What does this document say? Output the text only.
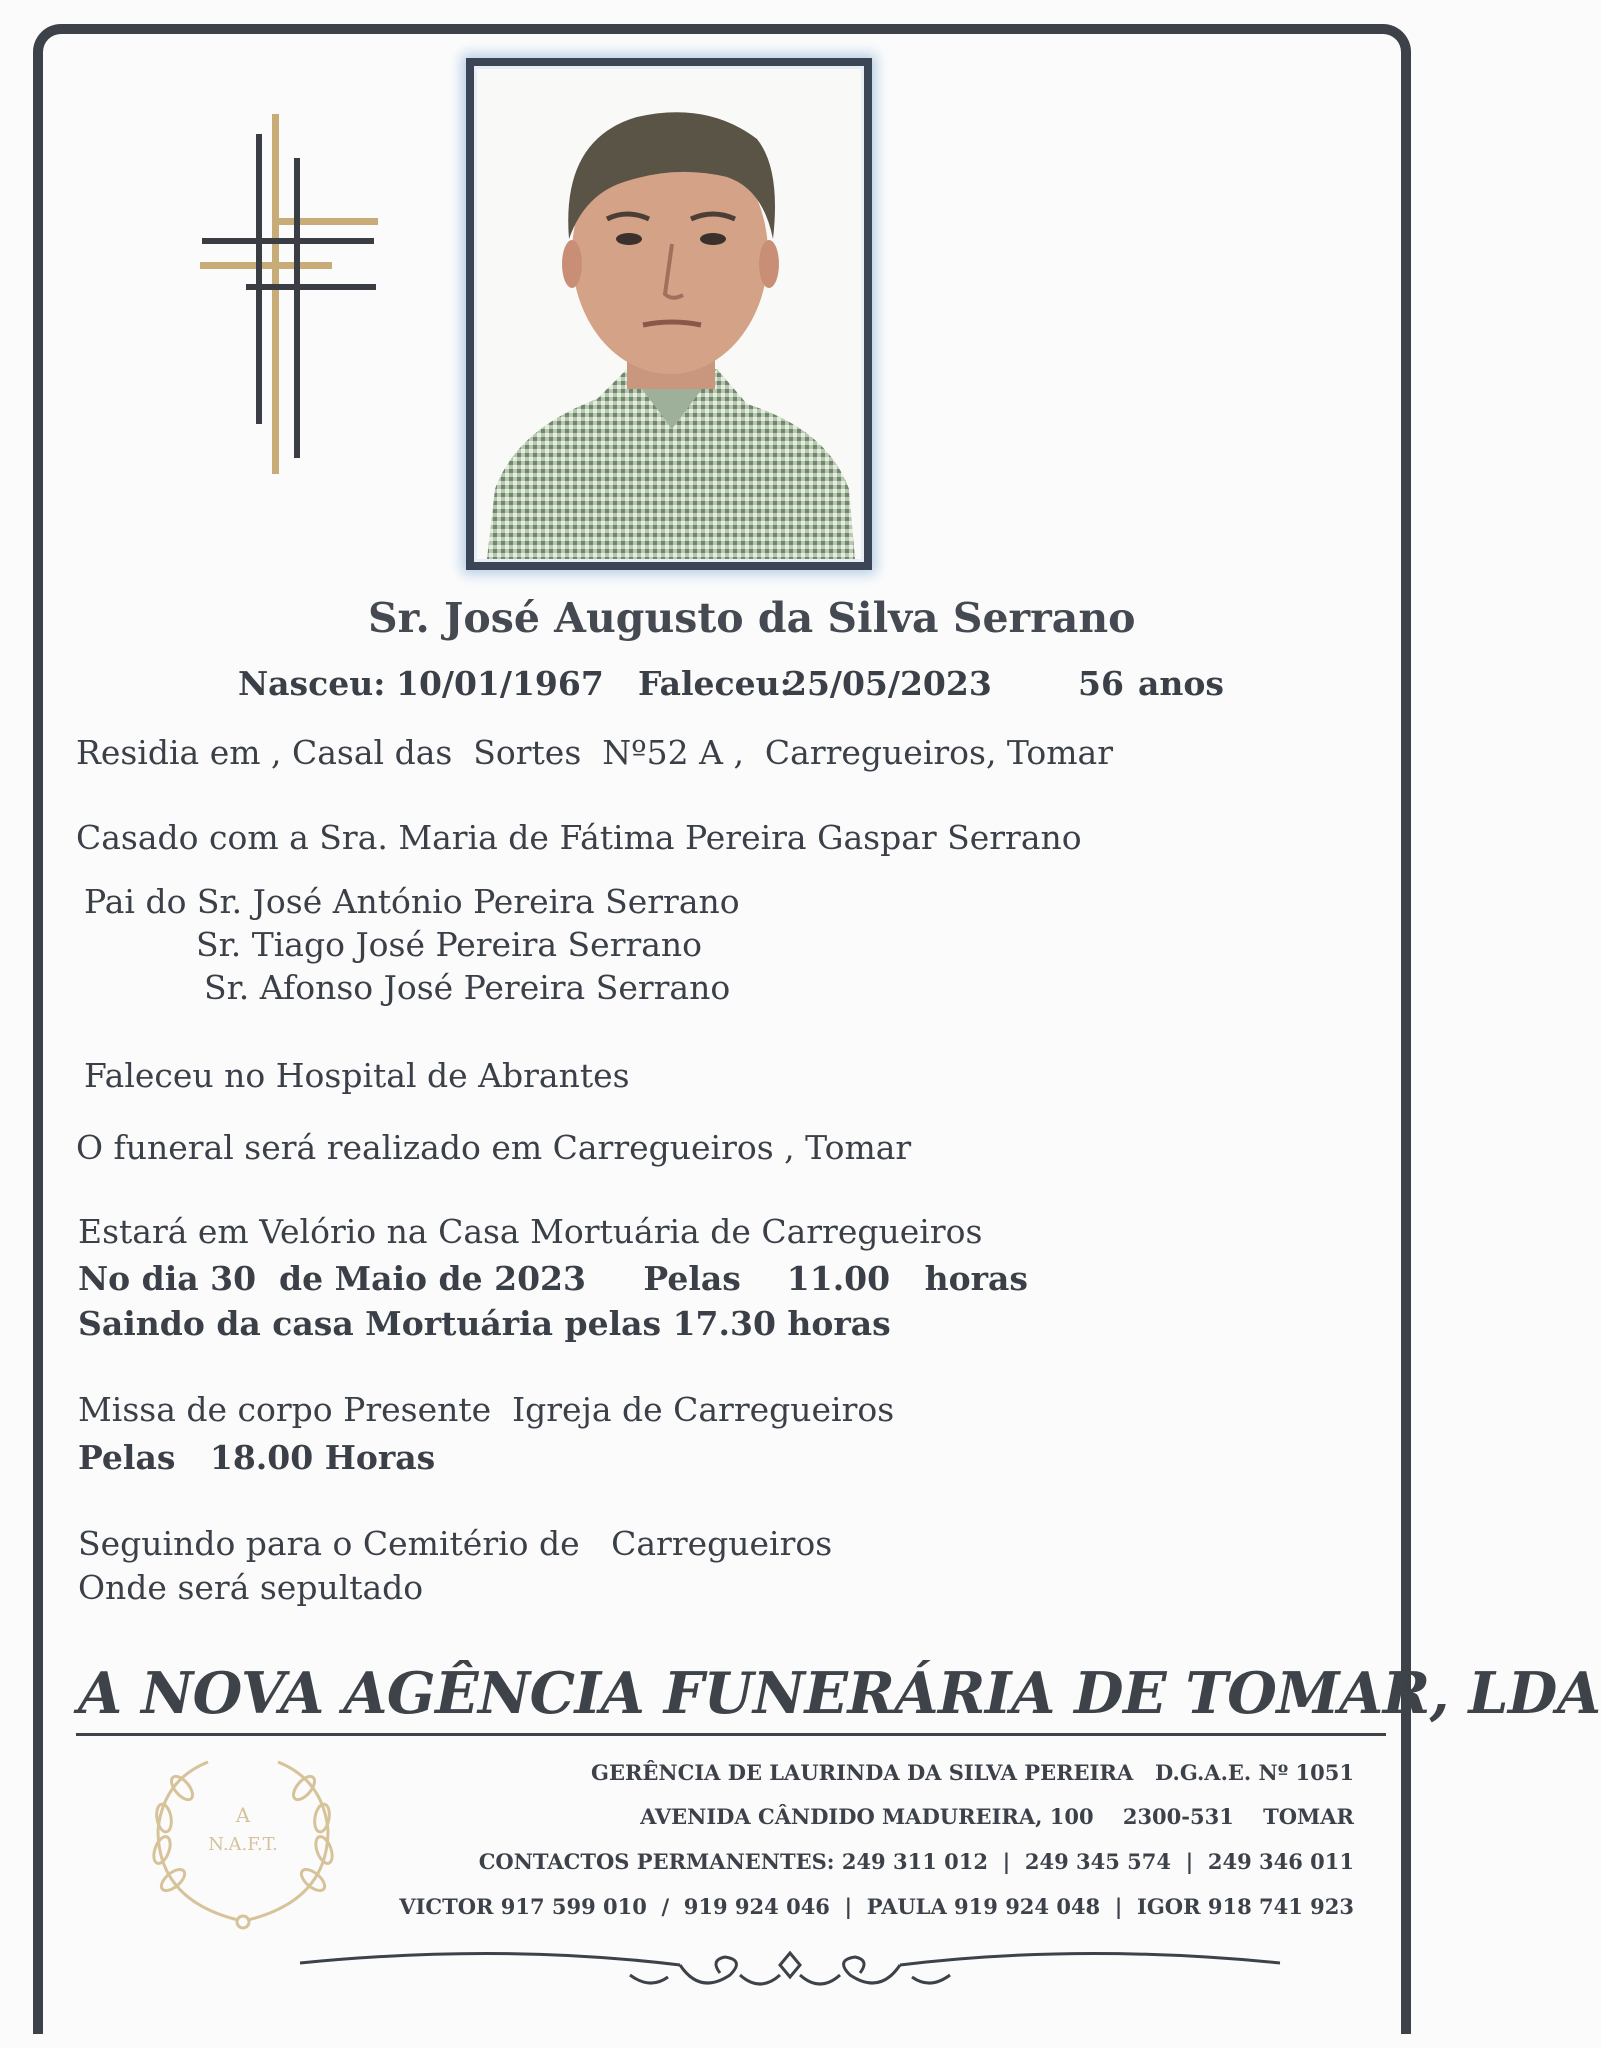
Sr. José Augusto da Silva Serrano
Nasceu: 10/01/1967 Faleceu:
25/05/2023	56 anos
Residia em , Casal das  Sortes  Nº52 A ,  Carregueiros, Tomar
Casado com a Sra. Maria de Fátima Pereira Gaspar Serrano
Pai do Sr. José António Pereira Serrano
Sr. Tiago José Pereira Serrano
Sr. Afonso José Pereira Serrano
Faleceu no Hospital de Abrantes
O funeral será realizado em Carregueiros , Tomar
Estará em Velório na Casa Mortuária de Carregueiros
No dia 30  de Maio de 2023     Pelas    11.00   horas
Saindo da casa Mortuária pelas 17.30 horas
Missa de corpo Presente  Igreja de Carregueiros
Pelas   18.00 Horas
Seguindo para o Cemitério de   Carregueiros
Onde será sepultado
A NOVA AGÊNCIA FUNERÁRIA DE TOMAR, LDA
GERÊNCIA DE LAURINDA DA SILVA PEREIRA   D.G.A.E. Nº 1051
AVENIDA CÂNDIDO MADUREIRA, 100    2300-531    TOMAR
CONTACTOS PERMANENTES: 249 311 012  |  249 345 574  |  249 346 011
VICTOR 917 599 010  /  919 924 046  |  PAULA 919 924 048  |  IGOR 918 741 923
A
N.A.F.T.
